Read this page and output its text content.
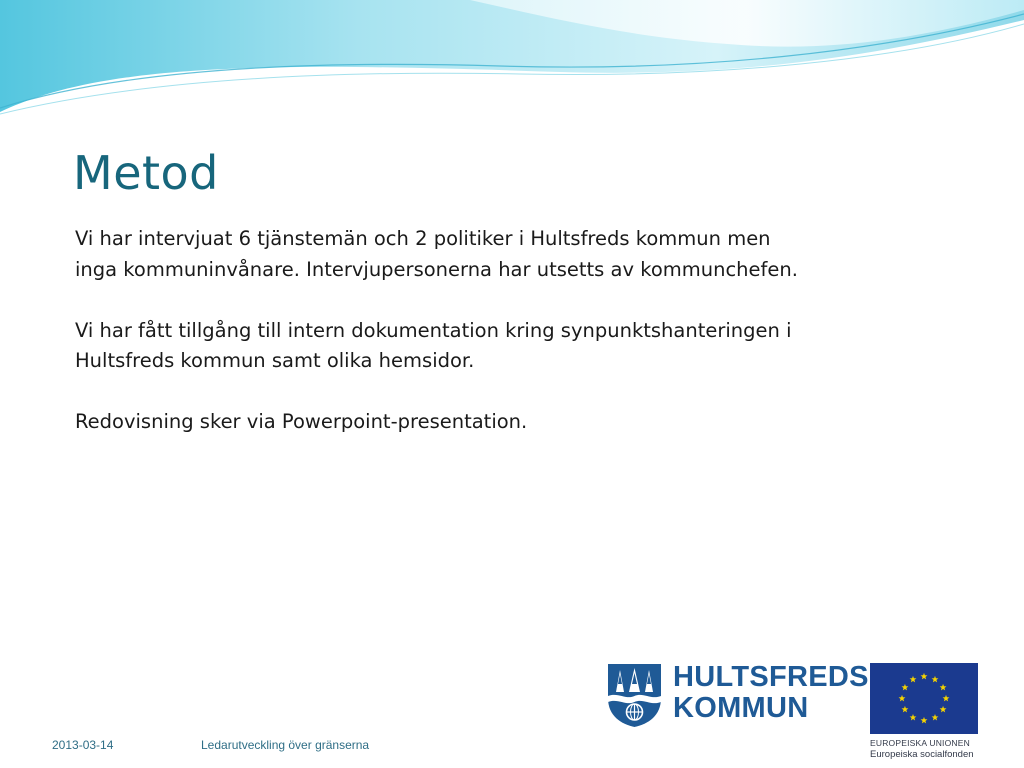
Metod

Vi har intervjuat 6 tjänstemän och 2 politiker i Hultsfreds kommun men

inga kommuninvånare. Intervjupersonerna har utsetts av kommunchefen.

Vi har fått tillgång till intern dokumentation kring synpunktshanteringen i

Hultsfreds kommun samt olika hemsidor.

Redovisning sker via Powerpoint-presentation.

HULTSFREDS
KOMMUN
EUROPEISKA UNIONEN
Europeiska socialfonden
2013-03-14	Ledarutveckling över gränserna
